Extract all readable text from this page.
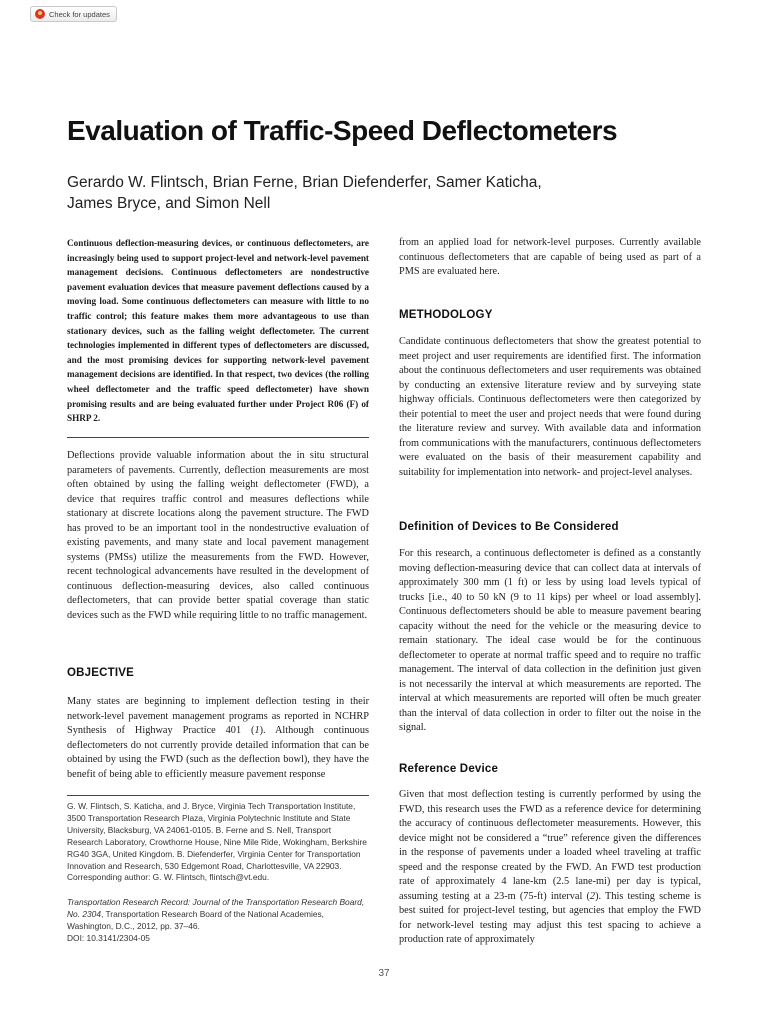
Check for updates
Evaluation of Traffic-Speed Deflectometers

Gerardo W. Flintsch, Brian Ferne, Brian Diefenderfer, Samer Katicha,
James Bryce, and Simon Nell

Continuous deflection-measuring devices, or continuous deflectometers, are increasingly being used to support project-level and network-level pavement management decisions. Continuous deflectometers are nondestructive pavement evaluation devices that measure pavement deflections caused by a moving load. Some continuous deflectometers can measure with little to no traffic control; this feature makes them more advantageous to use than stationary devices, such as the falling weight deflectometer. The current technologies implemented in different types of deflectometers are discussed, and the most promising devices for supporting network-level pavement management decisions are identified. In that respect, two devices (the rolling wheel deflectometer and the traffic speed deflectometer) have shown promising results and are being evaluated further under Project R06 (F) of SHRP 2.

Deflections provide valuable information about the in situ structural parameters of pavements. Currently, deflection measurements are most often obtained by using the falling weight deflectometer (FWD), a device that requires traffic control and measures deflections while stationary at discrete locations along the pavement structure. The FWD has proved to be an important tool in the nondestructive evaluation of existing pavements, and many state and local pavement management systems (PMSs) utilize the measurements from the FWD. However, recent technological advancements have resulted in the development of continuous deflection-measuring devices, also called continuous deflectometers, that can provide better spatial coverage than static devices such as the FWD while requiring little to no traffic management.

OBJECTIVE

Many states are beginning to implement deflection testing in their network-level pavement management programs as reported in NCHRP Synthesis of Highway Practice 401 (1). Although continuous deflectometers do not currently provide detailed information that can be obtained by using the FWD (such as the deflection bowl), they have the benefit of being able to efficiently measure pavement response

G. W. Flintsch, S. Katicha, and J. Bryce, Virginia Tech Transportation Institute, 3500 Transportation Research Plaza, Virginia Polytechnic Institute and State University, Blacksburg, VA 24061-0105. B. Ferne and S. Nell, Transport Research Laboratory, Crowthorne House, Nine Mile Ride, Wokingham, Berkshire RG40 3GA, United Kingdom. B. Diefenderfer, Virginia Center for Transportation Innovation and Research, 530 Edgemont Road, Charlottesville, VA 22903. Corresponding author: G. W. Flintsch, flintsch@vt.edu.

Transportation Research Record: Journal of the Transportation Research Board, No. 2304, Transportation Research Board of the National Academies, Washington, D.C., 2012, pp. 37–46.
DOI: 10.3141/2304-05

from an applied load for network-level purposes. Currently available continuous deflectometers that are capable of being used as part of a PMS are evaluated here.

METHODOLOGY

Candidate continuous deflectometers that show the greatest potential to meet project and user requirements are identified first. The information about the continuous deflectometers and user requirements was obtained by conducting an extensive literature review and by surveying state highway officials. Continuous deflectometers were then categorized by their potential to meet the user and project needs that were found during the literature review and survey. With available data and information from communications with the manufacturers, continuous deflectometers were evaluated on the basis of their measurement capability and suitability for implementation into network- and project-level analyses.

Definition of Devices to Be Considered

For this research, a continuous deflectometer is defined as a constantly moving deflection-measuring device that can collect data at intervals of approximately 300 mm (1 ft) or less by using load levels typical of trucks [i.e., 40 to 50 kN (9 to 11 kips) per wheel or load assembly]. Continuous deflectometers should be able to measure pavement bearing capacity without the need for the vehicle or the measuring device to remain stationary. The ideal case would be for the continuous deflectometer to operate at normal traffic speed and to require no traffic management. The interval of data collection in the definition just given is not necessarily the interval at which measurements are reported. The interval at which measurements are reported will often be much greater than the interval of data collection in order to filter out the noise in the signal.

Reference Device

Given that most deflection testing is currently performed by using the FWD, this research uses the FWD as a reference device for determining the accuracy of continuous deflectometer measurements. However, this device might not be considered a “true” reference given the differences in the response of pavements under a loaded wheel traveling at traffic speed and the response created by the FWD. An FWD test production rate of approximately 4 lane-km (2.5 lane-mi) per day is typical, assuming testing at a 23-m (75-ft) interval (2). This testing scheme is best suited for project-level testing, but agencies that employ the FWD for network-level testing may adjust this test spacing to achieve a production rate of approximately

37
